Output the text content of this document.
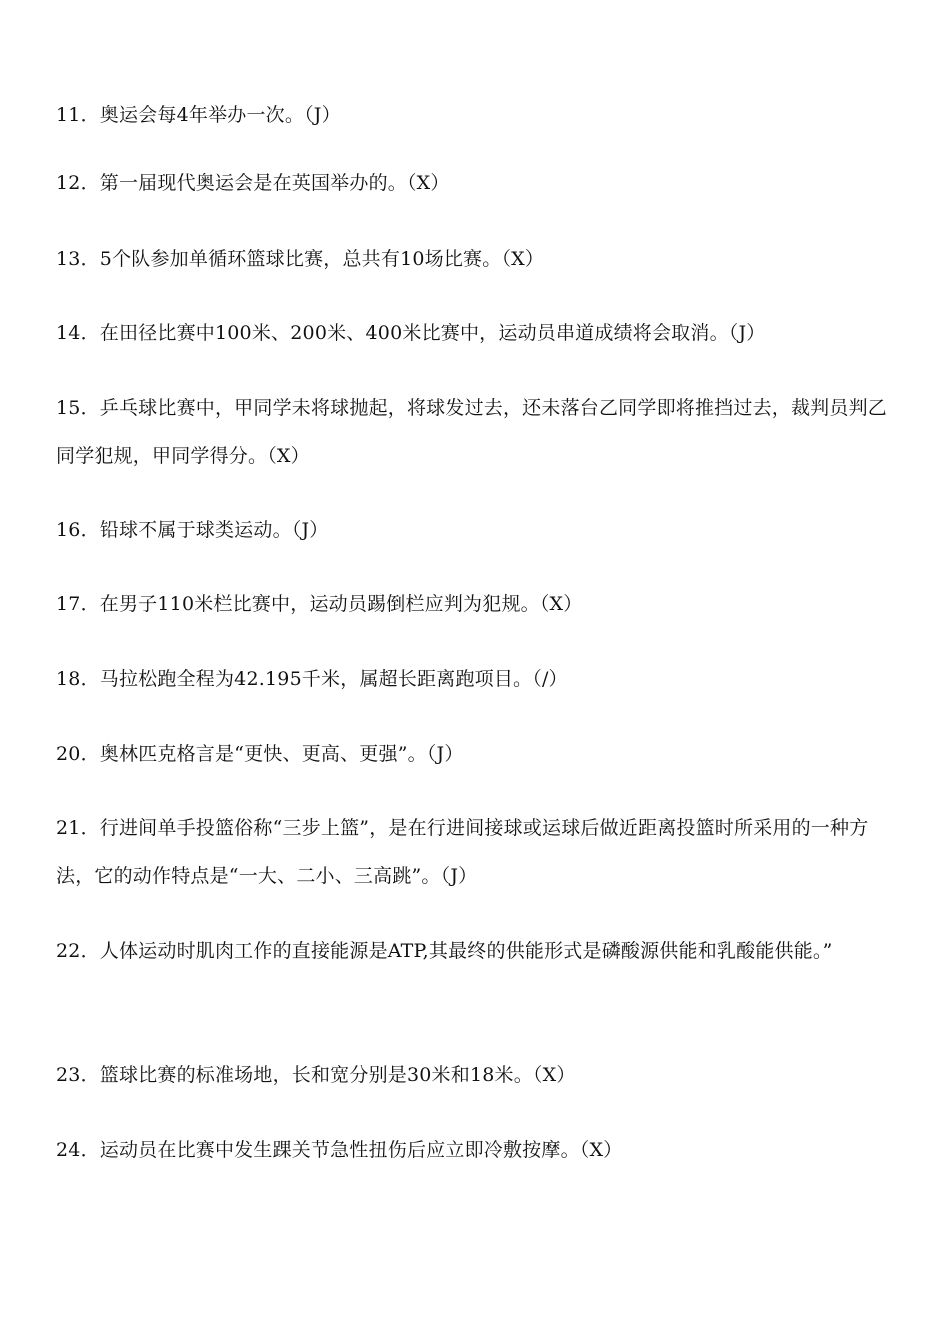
11．奥运会每4年举办一次。（J）
12．第一届现代奥运会是在英国举办的。（X）
13．5个队参加单循环篮球比赛，总共有10场比赛。（X）
14．在田径比赛中100米、200米、400米比赛中，运动员串道成绩将会取消。（J）
15．乒乓球比赛中，甲同学未将球抛起，将球发过去，还未落台乙同学即将推挡过去，裁判员判乙同学犯规，甲同学得分。（X）
16．铅球不属于球类运动。（J）
17．在男子110米栏比赛中，运动员踢倒栏应判为犯规。（X）
18．马拉松跑全程为42.195千米，属超长距离跑项目。（/）
20．奥林匹克格言是“更快、更高、更强”。（J）
21．行进间单手投篮俗称“三步上篮”，是在行进间接球或运球后做近距离投篮时所采用的一种方法，它的动作特点是“一大、二小、三高跳”。（J）
22．人体运动时肌肉工作的直接能源是ATP,其最终的供能形式是磷酸源供能和乳酸能供能。”
23．篮球比赛的标准场地，长和宽分别是30米和18米。（X）
24．运动员在比赛中发生踝关节急性扭伤后应立即冷敷按摩。（X）
